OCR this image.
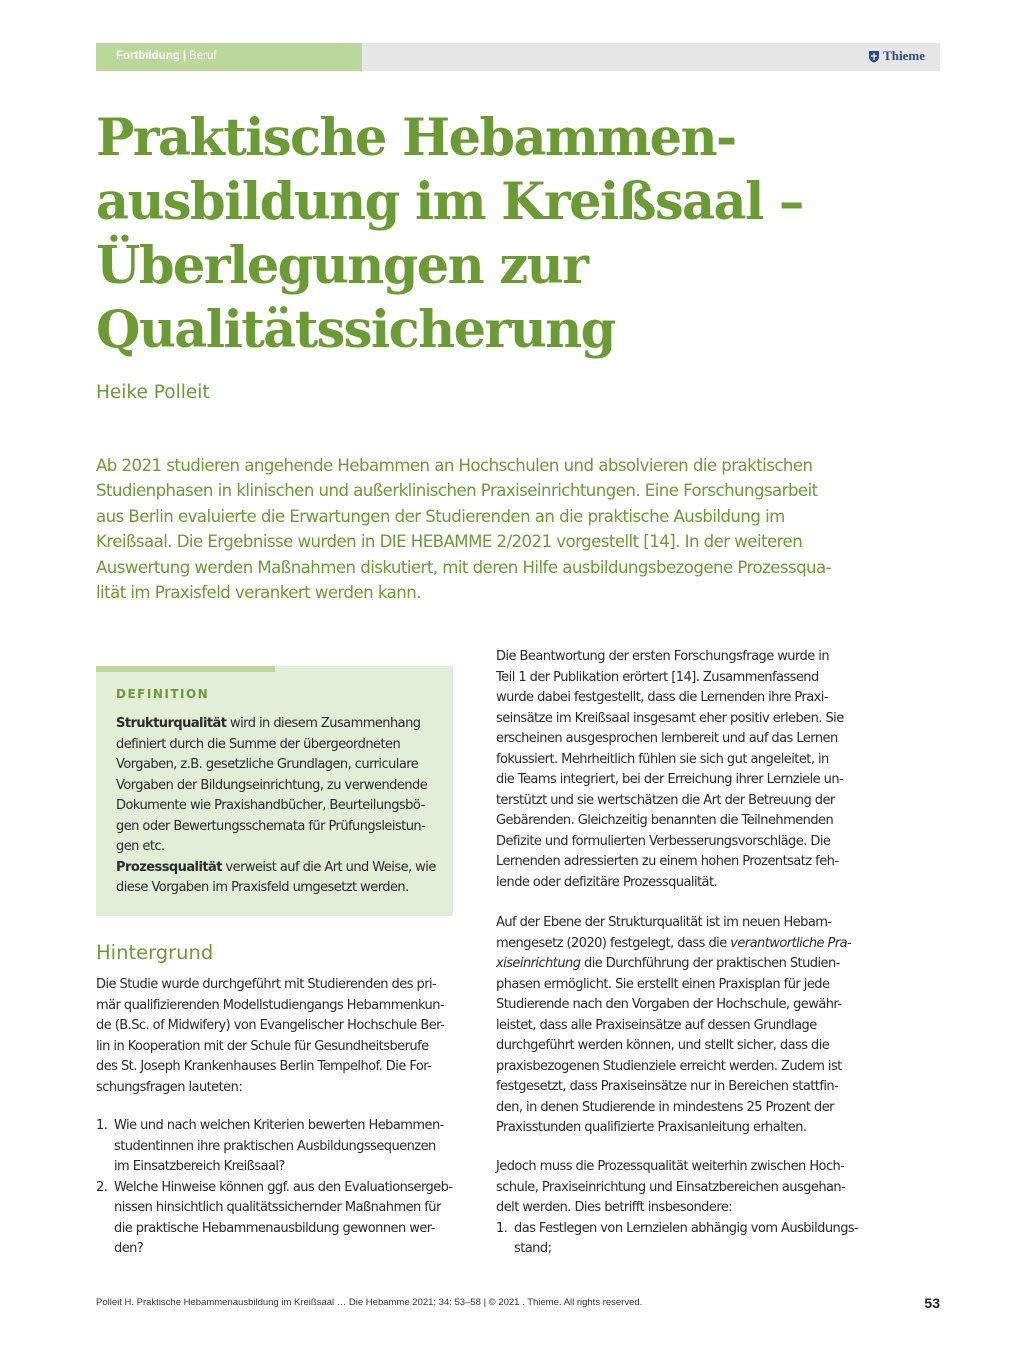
Fortbildung | Beruf	Thieme
Praktische Hebammen-
ausbildung im Kreißsaal –
Überlegungen zur
Qualitätssicherung
Heike Polleit
Ab 2021 studieren angehende Hebammen an Hochschulen und absolvieren die praktischen
Studienphasen in klinischen und außerklinischen Praxiseinrichtungen. Eine Forschungsarbeit
aus Berlin evaluierte die Erwartungen der Studierenden an die praktische Ausbildung im
Kreißsaal. Die Ergebnisse wurden in DIE HEBAMME 2/2021 vorgestellt [14]. In der weiteren
Auswertung werden Maßnahmen diskutiert, mit deren Hilfe ausbildungsbezogene Prozessqua-
lität im Praxisfeld verankert werden kann.
DEFINITION
Strukturqualität wird in diesem Zusammenhang
definiert durch die Summe der übergeordneten
Vorgaben, z.B. gesetzliche Grundlagen, curriculare
Vorgaben der Bildungseinrichtung, zu verwendende
Dokumente wie Praxishandbücher, Beurteilungsbö-
gen oder Bewertungsschemata für Prüfungsleistun-
gen etc.
Prozessqualität verweist auf die Art und Weise, wie
diese Vorgaben im Praxisfeld umgesetzt werden.
Hintergrund
Die Studie wurde durchgeführt mit Studierenden des pri-
mär qualifizierenden Modellstudiengangs Hebammenkun-
de (B.Sc. of Midwifery) von Evangelischer Hochschule Ber-
lin in Kooperation mit der Schule für Gesundheitsberufe
des St. Joseph Krankenhauses Berlin Tempelhof. Die For-
schungsfragen lauteten:
1. Wie und nach welchen Kriterien bewerten Hebammen-
studentinnen ihre praktischen Ausbildungssequenzen
im Einsatzbereich Kreißsaal?
2. Welche Hinweise können ggf. aus den Evaluationsergeb-
nissen hinsichtlich qualitätssichernder Maßnahmen für
die praktische Hebammenausbildung gewonnen wer-
den?
Die Beantwortung der ersten Forschungsfrage wurde in
Teil 1 der Publikation erörtert [14]. Zusammenfassend
wurde dabei festgestellt, dass die Lernenden ihre Praxi-
seinsätze im Kreißsaal insgesamt eher positiv erleben. Sie
erscheinen ausgesprochen lernbereit und auf das Lernen
fokussiert. Mehrheitlich fühlen sie sich gut angeleitet, in
die Teams integriert, bei der Erreichung ihrer Lernziele un-
terstützt und sie wertschätzen die Art der Betreuung der
Gebärenden. Gleichzeitig benannten die Teilnehmenden
Defizite und formulierten Verbesserungsvorschläge. Die
Lernenden adressierten zu einem hohen Prozentsatz feh-
lende oder defizitäre Prozessqualität.
Auf der Ebene der Strukturqualität ist im neuen Hebam-
mengesetz (2020) festgelegt, dass die verantwortliche Pra-
xiseinrichtung die Durchführung der praktischen Studien-
phasen ermöglicht. Sie erstellt einen Praxisplan für jede
Studierende nach den Vorgaben der Hochschule, gewähr-
leistet, dass alle Praxiseinsätze auf dessen Grundlage
durchgeführt werden können, und stellt sicher, dass die
praxisbezogenen Studienziele erreicht werden. Zudem ist
festgesetzt, dass Praxiseinsätze nur in Bereichen stattfin-
den, in denen Studierende in mindestens 25 Prozent der
Praxisstunden qualifizierte Praxisanleitung erhalten.
Jedoch muss die Prozessqualität weiterhin zwischen Hoch-
schule, Praxiseinrichtung und Einsatzbereichen ausgehan-
delt werden. Dies betrifft insbesondere:
1. das Festlegen von Lernzielen abhängig vom Ausbildungs-
stand;
Polleit H. Praktische Hebammenausbildung im Kreißsaal … Die Hebamme 2021; 34: 53–58 | © 2021 . Thieme. All rights reserved.	53
